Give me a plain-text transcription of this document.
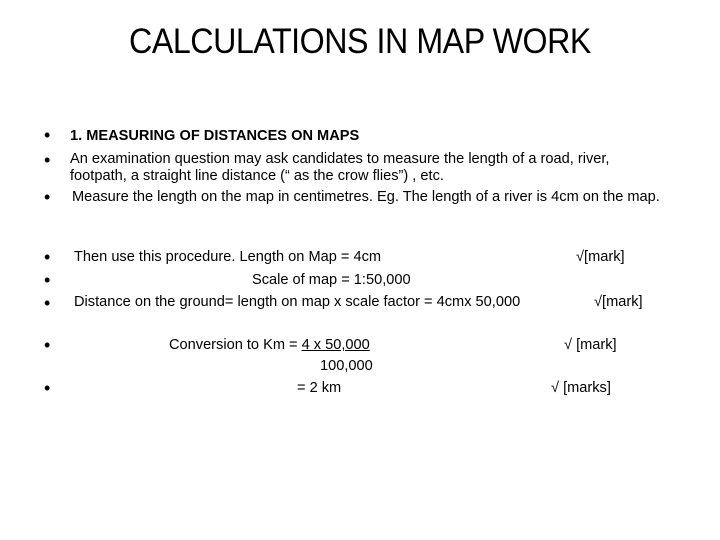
CALCULATIONS IN MAP WORK
• 1. MEASURING OF DISTANCES ON MAPS
• An examination question may ask candidates to measure the length of a road, river, footpath, a straight line distance (“ as the crow flies”) , etc.
• Measure the length on the map in centimetres. Eg. The length of a river is 4cm on the map.
• Then use this procedure. Length on Map = 4cm	√[mark]
•	Scale of map = 1:50,000
• Distance on the ground= length on map x scale factor = 4cmx 50,000	√[mark]
•	Conversion to Km = 4 x 50,000	√ [mark]
100,000
•	= 2 km	√ [marks]
